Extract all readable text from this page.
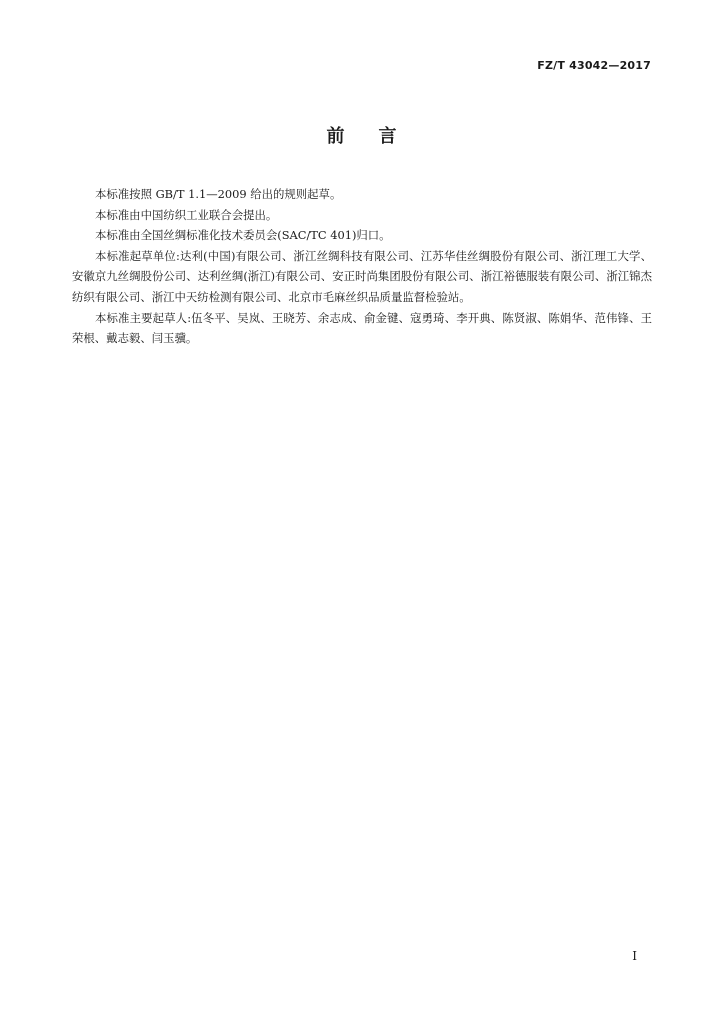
FZ/T 43042—2017
前言

本标准按照 GB/T 1.1—2009 给出的规则起草。

本标准由中国纺织工业联合会提出。

本标准由全国丝绸标准化技术委员会(SAC/TC 401)归口。

本标准起草单位:达利(中国)有限公司、浙江丝绸科技有限公司、江苏华佳丝绸股份有限公司、浙江理工大学、安徽京九丝绸股份公司、达利丝绸(浙江)有限公司、安正时尚集团股份有限公司、浙江裕德服装有限公司、浙江锦杰纺织有限公司、浙江中天纺检测有限公司、北京市毛麻丝织品质量监督检验站。

本标准主要起草人:伍冬平、吴岚、王晓芳、余志成、俞金键、寇勇琦、李开典、陈贤淑、陈娟华、范伟锋、王荣根、戴志毅、闫玉骥。

I
